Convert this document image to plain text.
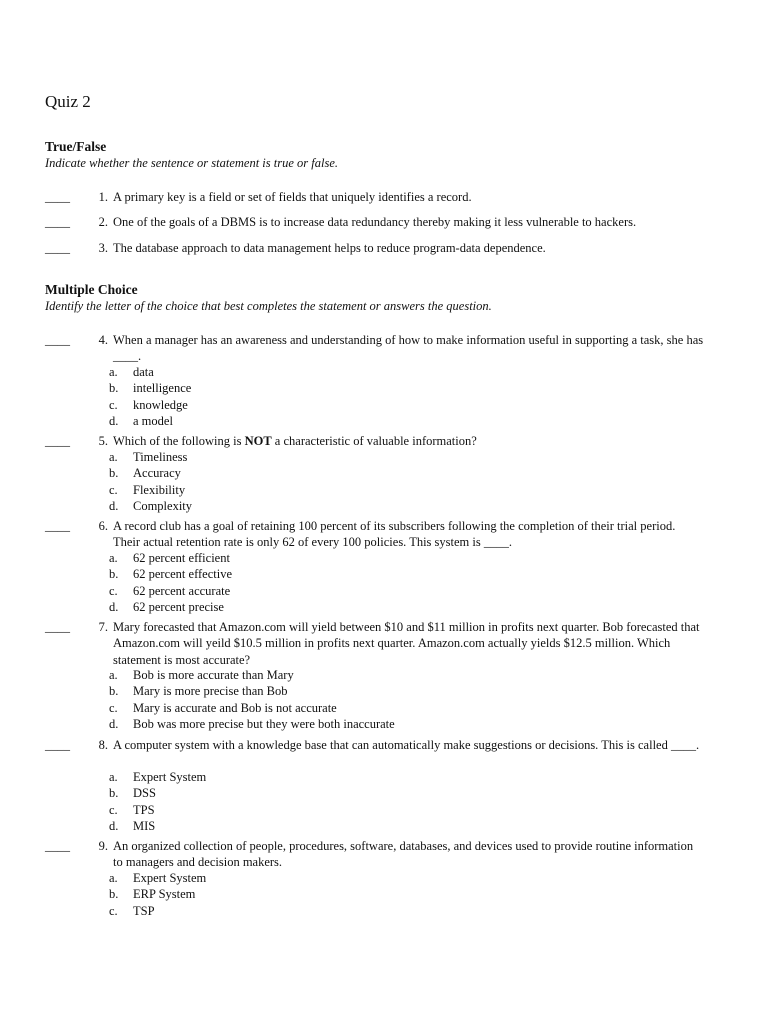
Quiz 2
True/False
Indicate whether the sentence or statement is true or false.
____	1. A primary key is a field or set of fields that uniquely identifies a record.
____	2. One of the goals of a DBMS is to increase data redundancy thereby making it less vulnerable to hackers.
____	3. The database approach to data management helps to reduce program-data dependence.
Multiple Choice
Identify the letter of the choice that best completes the statement or answers the question.
____	4. When a manager has an awareness and understanding of how to make information useful in supporting a task, she has ____.
a.	data
b.	intelligence
c.	knowledge
d.	a model
____	5. Which of the following is NOT a characteristic of valuable information?
a.	Timeliness
b.	Accuracy
c.	Flexibility
d.	Complexity
____	6. A record club has a goal of retaining 100 percent of its subscribers following the completion of their trial period. Their actual retention rate is only 62 of every 100 policies. This system is ____.
a.	62 percent efficient
b.	62 percent effective
c.	62 percent accurate
d.	62 percent precise
____	7. Mary forecasted that Amazon.com will yield between $10 and $11 million in profits next quarter. Bob forecasted that Amazon.com will yeild $10.5 million in profits next quarter. Amazon.com actually yields $12.5 million. Which statement is most accurate?
a.	Bob is more accurate than Mary
b.	Mary is more precise than Bob
c.	Mary is accurate and Bob is not accurate
d.	Bob was more precise but they were both inaccurate
____	8. A computer system with a knowledge base that can automatically make suggestions or decisions. This is called ____.
a.	Expert System
b.	DSS
c.	TPS
d.	MIS
____	9. An organized collection of people, procedures, software, databases, and devices used to provide routine information to managers and decision makers.
a.	Expert System
b.	ERP System
c.	TSP
